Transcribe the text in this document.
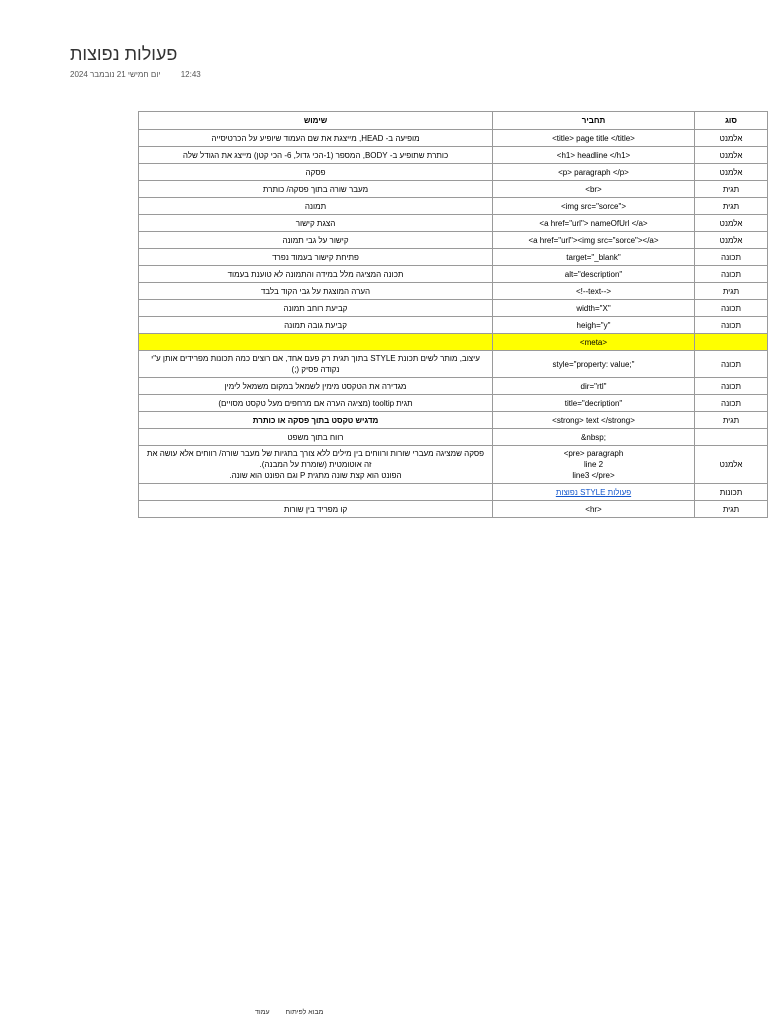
פעולות נפוצות
יום חמישי 21 נובמבר 2024	12:43
סוג	תחביר	שימוש
אלמנט	<title> page title </title>	מופיעה ב- HEAD, מייצגת את שם העמוד שיופיע על הכרטיסייה
אלמנט	<h1> headline </h1>	כותרת שתופיע ב- BODY, המספר (1-הכי גדול, 6- הכי קטן) מייצג את הגודל שלה
אלמנט	<p> paragraph </p>	פסקה
תגית	<br>	מעבר שורה בתוך פסקה/ כותרת
תגית	<img src="sorce">	תמונה
אלמנט	<a href="url"> nameOfUrl </a>	הצגת קישור
אלמנט	<a href="url"><img src="sorce"></a>	קישור על גבי תמונה
תכונה	target="_blank"	פתיחת קישור בעמוד נפרד
תכונה	alt="description"	תכונה המציגה מלל במידה והתמונה לא טוענת בעמוד
תגית	<!--text-->	הערה המוצגת על גבי הקוד בלבד
תכונה	width="X"	קביעת רוחב תמונה
תכונה	heigh="y"	קביעת גובה תמונה
	<meta>	
תכונה	style="property: value;"	עיצוב, מותר לשים תכונת STYLE בתוך תגית רק פעם אחד, אם רוצים כמה תכונות מפרידים אותן ע"י נקודה פסיק (;)
תכונה	dir="rtl"	מגדירה את הטקסט מימין לשמאל במקום משמאל לימין
תכונה	title="decription"	תגית tooltip (מציגה הערה אם מרחפים מעל טקסט מסויים)
תגית	<strong> text </strong>	מדגיש טקסט בתוך פסקה או כותרת
	&nbsp;	רווח בתוך משפט
אלמנט	<pre> paragraph
line 2
line3 </pre>	פסקה שמציגה מעברי שורות ורווחים בין מילים ללא צורך בתגיות של מעבר שורה/ רווחים אלא עושה את זה אוטומטית (שומרת על המבנה).
הפונט הוא קצת שונה מתגית P וגם הפונט הוא שונה.
תכונות	פעולות STYLE נפוצות	
תגית	<hr>	קו מפריד בין שורות
מבוא לפיתוח עמוד
